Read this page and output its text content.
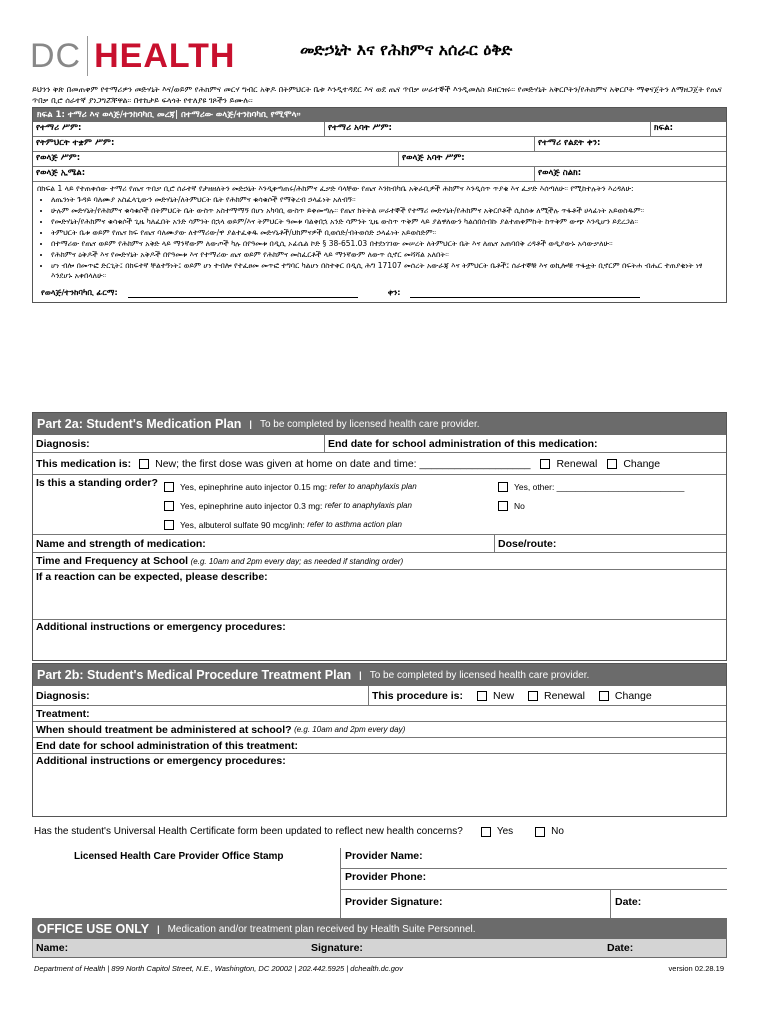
DC HEALTH	መድኃኒት እና የሕክምና አሰራር ዕቅድ
ይህንን ቅጽ በመጠቀም የተማሪዎን መድሃኒት እና/ወይም የሕክምና መርሃ ግብር አቅዶ በትምህርት ቤቱ እንዲተዳደር እና ወደ ጤና ጥበቃ ሠራተኞች እንዲመለስ ይዘርዝሩ። የመድሃኒት አቅርቦትን/የሕክምና አቅርቦት ማቀናጀትን ለማዘጋጀት የጤና ጥበቃ ቢሮ ሰራተኛ ያነጋግሯቸዋል። በተከታይ ፍላጎት የተለያዩ ገጾችን ይሙሉ።
ክፍል 1: ተማሪ እና ወላጅ/ተንከባካቢ መረጃ| በተማሪው ወላጅ/ተንከባካቢ የሚሞላ።
የተማሪ ሥም:	የተማሪ አባት ሥም:	ክፍል:
የትምህርት ተቋም ሥም:	የተማሪ የልደት ቀን:
የወላጅ ሥም:	የወላጅ አባት ሥም:
የወላጅ ኢሜል:	የወላጅ ስልክ:
በክፍል 1 ላይ የተጠቀሰው ተማሪ የጤና ጥበቃ ቢሮ ሰራተኛ የታዘዘለትን መድኃኒት እንዲቀጣጠሩ/ሕክምና ፈቃድ ባላቸው የጤና እንክብካቤ አቅራቢዎች ሕክምና እንዲሰጥ ጥያቄ እና ፈቃድ እሰጣለሁ። የሚከተሉትን እረዳለሁ:
• ለጤንነት ጉዳይ ባለሙያ አስፈላጊውን መድሃኒት/ለትምህርት ቤት የሕክምና ቁሳቁሶች የማቅረብ ኃላፊነት አለብኝ።
• ሁሉም መድሃኒት/የሕክምና ቁሳቁሶች በትምህርት ቤት ውስጥ አስተማማኝ በሆነ አካባቢ ውስጥ ይቀመጣሉ። የጤና ክትትል ሠራተኞች የተማሪ መድሃኒት/የሕክምና አቅርቦቶች ሲከሰቱ ለሚችሉ ጥፋቶች ሀላፊነት አይወስዱም።
• የመድሃኒት/የሕክምና ቁሳቁሶች ጊዜ ካለፈበት አንድ ሳምንት በኋላ ወይም/እና ትምህርት ዓመቱ ባልቀበኋ አንድ ሳምንት ጊዜ ውስጥ ጥቅም ላይ ያልዋለውን ካልሰበሰብኩ ያልተጠቀምኩት ከጥቅም ውጭ እንዲሆን ይደረጋል።
• ትምህርት ቤቱ ወይም የጤና ክፍ የጤና ባለሙያው ለተማሪው/ዋ ያልተፈቀዱ መድሃኒቶች/ህክምናዎች ቢወሰድ/ብትወሰድ ኃላፊነት አይወስድም።
• በተማሪው የጤና ወይም የሕክምና አቅድ ላይ ማንኛውም ለውጦች ካሉ በየዓመቱ በዲሲ ኦፊሴል ኮድ § 38-651.03 በተደነገገው መሠረት ለትምህርት ቤት እና ለጤና አጠባበቅ ረዳቶች ወዲያውኑ አሳውቃለሁ።
• የሕክምና ዕቅዶች እና የመድሃኒት አቅዶች በየዓመቱ እና የተማሪው ጤና ወይም የሕክምና መስፈርቶች ላይ ማንኛውም ለውጥ ሲኖር መሻሻል አለበት።
• ሆነ ብሎ በመጥፎ ድርጊት፤ በከፍተኛ ቸልተኝነት፤ ወይም ሆነ ተብሎ የተፈፀመ መጥፎ ተግባር ካልሆነ በስተቀር በዲሲ ሕግ 17107 መሰረት አውራጃ እና ትምህርት ቤቶች፤ ሰራተኞቹ እና ወኪሎቹ ጥፋቷት ቢኖርም በፍትሐ ብሔር ተጠያቂነት ነፃ እንደሆኑ አቀበላለሁ።
የወላጅ/ተንከባካቢ ፊርማ:	ቀን:
Part 2a: Student's Medication Plan | To be completed by licensed health care provider.
Diagnosis:	End date for school administration of this medication:
This medication is: New; the first dose was given at home on date and time: ___________________ Renewal Change
Is this a standing order?	Yes, epinephrine auto injector 0.15 mg:
refer to anaphylaxis plan
Yes, epinephrine auto injector 0.3 mg:
refer to anaphylaxis plan
Yes, albuterol sulfate 90 mcg/inh:
refer to asthma action plan
Yes, other: ___________________________
No
Name and strength of medication:	Dose/route:
Time and Frequency at School
(e.g. 10am and 2pm every day; as needed if standing order)
If a reaction can be expected, please describe:
Additional instructions or emergency procedures:
Part 2b: Student's Medical Procedure Treatment Plan | To be completed by licensed health care provider.
Diagnosis:	This procedure is:	New	Renewal	Change
Treatment:
When should treatment be administered at school?
(e.g. 10am and 2pm every day)
End date for school administration of this treatment:
Additional instructions or emergency procedures:
Has the student's Universal Health Certificate form been updated to reflect new health concerns?	Yes	No
Licensed Health Care Provider Office Stamp	Provider Name:
Provider Phone:
Provider Signature:	Date:
OFFICE USE ONLY | Medication and/or treatment plan received by Health Suite Personnel.
Name:	Signature:	Date:
Department of Health | 899 North Capitol Street, N.E., Washington, DC 20002 | 202.442.5925 | dchealth.dc.gov	version 02.28.19
